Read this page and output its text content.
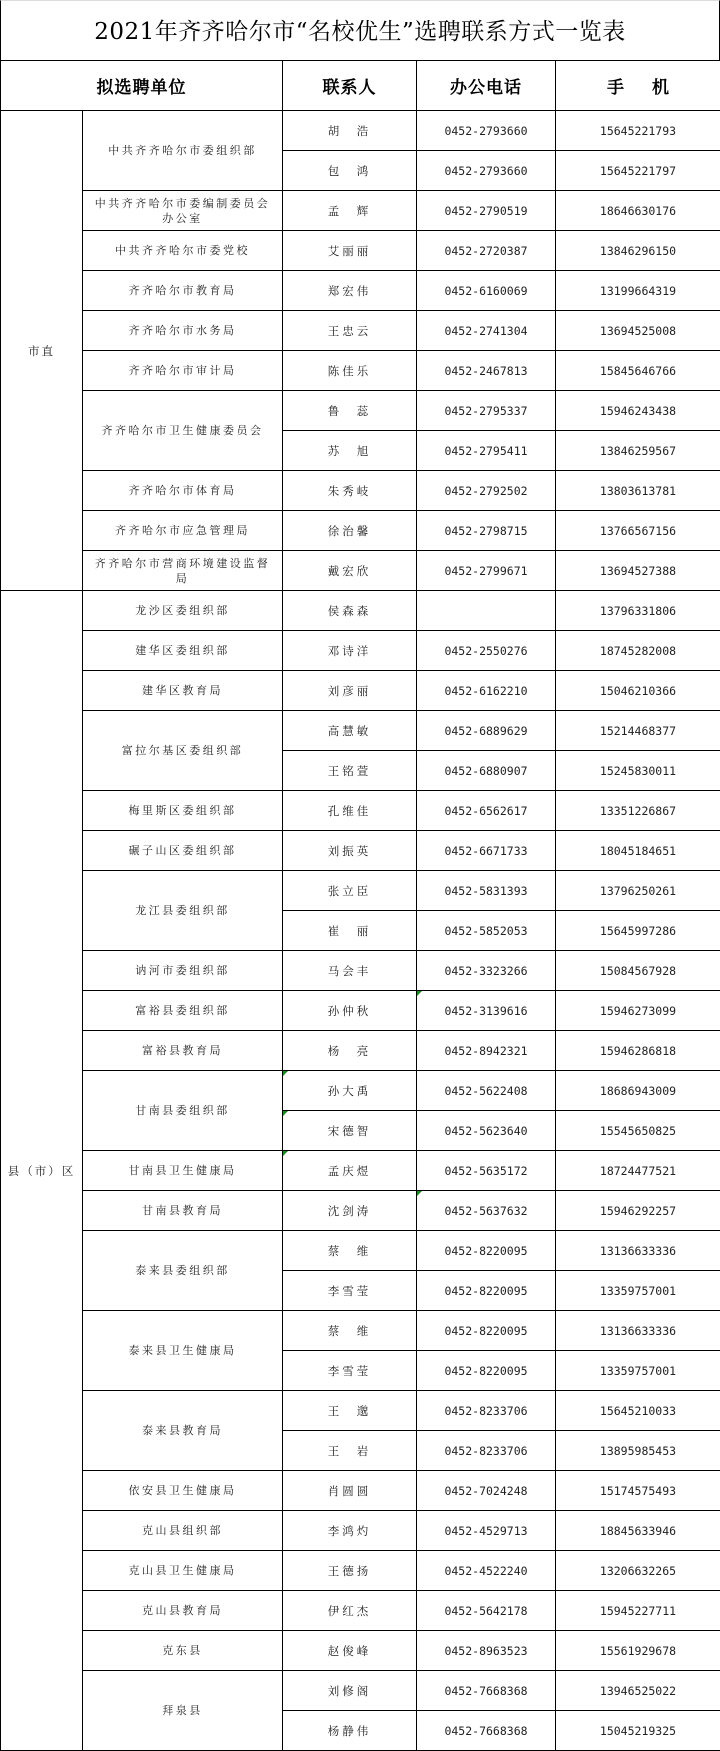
2021年齐齐哈尔市“名校优生”选聘联系方式一览表
拟选聘单位		联系人	办公电话	手 机
市直	中共齐齐哈尔市委组织部	胡　浩	0452-2793660	15645221793
		包　鸿	0452-2793660	15645221797
	中共齐齐哈尔市委编制委员会办公室	孟　辉	0452-2790519	18646630176
	中共齐齐哈尔市委党校	艾丽丽	0452-2720387	13846296150
	齐齐哈尔市教育局	郑宏伟	0452-6160069	13199664319
	齐齐哈尔市水务局	王忠云	0452-2741304	13694525008
	齐齐哈尔市审计局	陈佳乐	0452-2467813	15845646766
	齐齐哈尔市卫生健康委员会	鲁　蕊	0452-2795337	15946243438
		苏　旭	0452-2795411	13846259567
	齐齐哈尔市体育局	朱秀岐	0452-2792502	13803613781
	齐齐哈尔市应急管理局	徐治馨	0452-2798715	13766567156
	齐齐哈尔市营商环境建设监督局	戴宏欣	0452-2799671	13694527388
县（市）区	龙沙区委组织部	侯森森		13796331806
	建华区委组织部	邓诗洋	0452-2550276	18745282008
	建华区教育局	刘彦丽	0452-6162210	15046210366
	富拉尔基区委组织部	高慧敏	0452-6889629	15214468377
		王铭萱	0452-6880907	15245830011
	梅里斯区委组织部	孔维佳	0452-6562617	13351226867
	碾子山区委组织部	刘振英	0452-6671733	18045184651
	龙江县委组织部	张立臣	0452-5831393	13796250261
		崔　丽	0452-5852053	15645997286
	讷河市委组织部	马会丰	0452-3323266	15084567928
	富裕县委组织部	孙仲秋	0452-3139616	15946273099
	富裕县教育局	杨　亮	0452-8942321	15946286818
	甘南县委组织部	孙大禹	0452-5622408	18686943009
		宋德智	0452-5623640	15545650825
	甘南县卫生健康局	孟庆煜	0452-5635172	18724477521
	甘南县教育局	沈剑涛	0452-5637632	15946292257
	泰来县委组织部	蔡　维	0452-8220095	13136633336
		李雪莹	0452-8220095	13359757001
	泰来县卫生健康局	蔡　维	0452-8220095	13136633336
		李雪莹	0452-8220095	13359757001
	泰来县教育局	王　邈	0452-8233706	15645210033
		王　岩	0452-8233706	13895985453
	依安县卫生健康局	肖圆圆	0452-7024248	15174575493
	克山县组织部	李鸿灼	0452-4529713	18845633946
	克山县卫生健康局	王德扬	0452-4522240	13206632265
	克山县教育局	伊红杰	0452-5642178	15945227711
	克东县	赵俊峰	0452-8963523	15561929678
	拜泉县	刘修阁	0452-7668368	13946525022
		杨静伟	0452-7668368	15045219325
